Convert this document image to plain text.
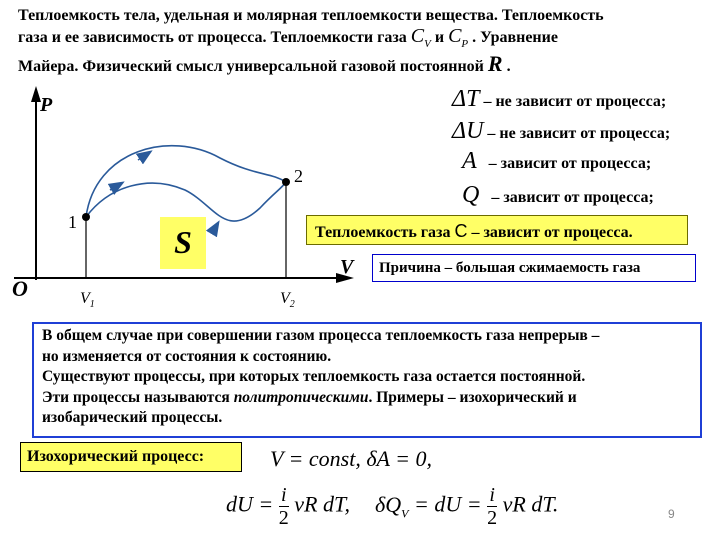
Теплоемкость тела, удельная и молярная теплоемкости вещества. Теплоемкость
газа и ее зависимость от процесса. Теплоемкости газа $C_V$ и $C_P$ . Уравнение
Майера. Физический смысл универсальной газовой постоянной R .
P
V
O
1
2
$V_1$	$V_2$
S
ΔT – не зависит от процесса;
ΔU – не зависит от процесса;
A – зависит от процесса;
Q – зависит от процесса;
Теплоемкость газа C – зависит от процесса.
Причина – большая сжимаемость газа
В общем случае при совершении газом процесса теплоемкость газа непрерыв –
но изменяется от состояния к состоянию.
Существуют процессы, при которых теплоемкость газа остается постоянной.
Эти процессы называются политропическими. Примеры – изохорический и
изобарический процессы.
Изохорический процесс:	V = const, δA = 0,
dU = $\frac{i}{2}$ νR dT, $\delta Q_V$ = dU = $\frac{i}{2}$ νR dT.	9
